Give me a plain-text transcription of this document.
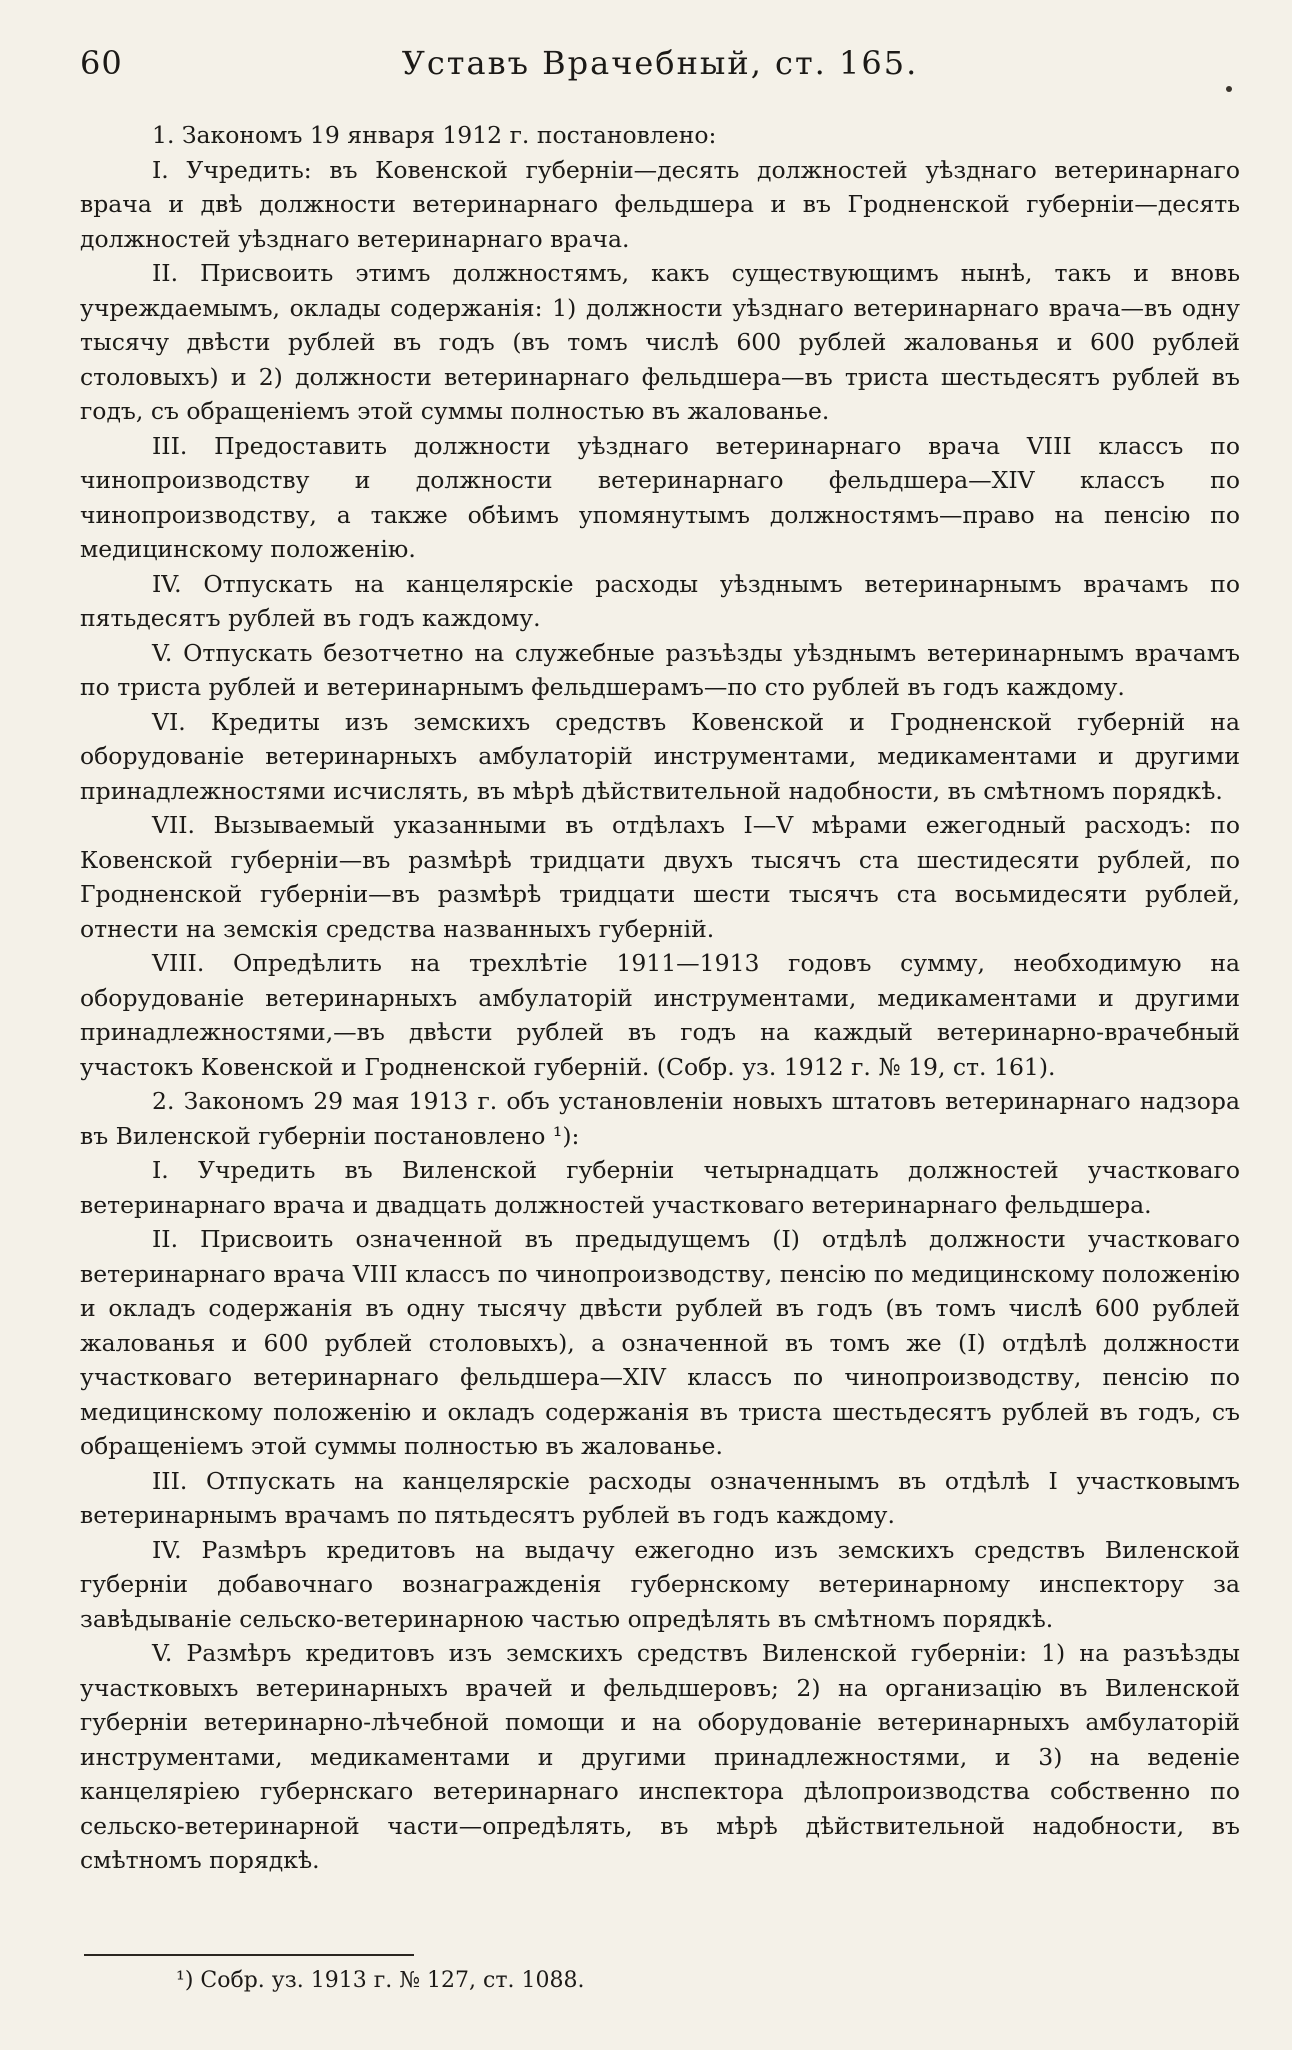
60	Уставъ Врачебный, ст. 165.

1. Закономъ 19 января 1912 г. постановлено:

I. Учредить: въ Ковенской губерніи—десять должностей уѣзднаго ветеринарнаго врача и двѣ должности ветеринарнаго фельдшера и въ Гродненской губерніи—десять должностей уѣзднаго ветеринарнаго врача.

II. Присвоить этимъ должностямъ, какъ существующимъ нынѣ, такъ и вновь учреждаемымъ, оклады содержанія: 1) должности уѣзднаго ветеринарнаго врача—въ одну тысячу двѣсти рублей въ годъ (въ томъ числѣ 600 рублей жалованья и 600 рублей столовыхъ) и 2) должности ветеринарнаго фельдшера—въ триста шестьдесятъ рублей въ годъ, съ обращеніемъ этой суммы полностью въ жалованье.

III. Предоставить должности уѣзднаго ветеринарнаго врача VIII классъ по чинопроизводству и должности ветеринарнаго фельдшера—XIV классъ по чинопроизводству, а также обѣимъ упомянутымъ должностямъ—право на пенсію по медицинскому положенію.

IV. Отпускать на канцелярскіе расходы уѣзднымъ ветеринарнымъ врачамъ по пятьдесятъ рублей въ годъ каждому.

V. Отпускать безотчетно на служебные разъѣзды уѣзднымъ ветеринарнымъ врачамъ по триста рублей и ветеринарнымъ фельдшерамъ—по сто рублей въ годъ каждому.

VI. Кредиты изъ земскихъ средствъ Ковенской и Гродненской губерній на оборудованіе ветеринарныхъ амбулаторій инструментами, медикаментами и другими принадлежностями исчислять, въ мѣрѣ дѣйствительной надобности, въ смѣтномъ порядкѣ.

VII. Вызываемый указанными въ отдѣлахъ I—V мѣрами ежегодный расходъ: по Ковенской губерніи—въ размѣрѣ тридцати двухъ тысячъ ста шестидесяти рублей, по Гродненской губерніи—въ размѣрѣ тридцати шести тысячъ ста восьмидесяти рублей, отнести на земскія средства названныхъ губерній.

VIII. Опредѣлить на трехлѣтіе 1911—1913 годовъ сумму, необходимую на оборудованіе ветеринарныхъ амбулаторій инструментами, медикаментами и другими принадлежностями,—въ двѣсти рублей въ годъ на каждый ветеринарно-врачебный участокъ Ковенской и Гродненской губерній. (Собр. уз. 1912 г. № 19, ст. 161).

2. Закономъ 29 мая 1913 г. объ установленіи новыхъ штатовъ ветеринарнаго надзора въ Виленской губерніи постановлено ¹):

I. Учредить въ Виленской губерніи четырнадцать должностей участковаго ветеринарнаго врача и двадцать должностей участковаго ветеринарнаго фельдшера.

II. Присвоить означенной въ предыдущемъ (I) отдѣлѣ должности участковаго ветеринарнаго врача VIII классъ по чинопроизводству, пенсію по медицинскому положенію и окладъ содержанія въ одну тысячу двѣсти рублей въ годъ (въ томъ числѣ 600 рублей жалованья и 600 рублей столовыхъ), а означенной въ томъ же (I) отдѣлѣ должности участковаго ветеринарнаго фельдшера—XIV классъ по чинопроизводству, пенсію по медицинскому положенію и окладъ содержанія въ триста шестьдесятъ рублей въ годъ, съ обращеніемъ этой суммы полностью въ жалованье.

III. Отпускать на канцелярскіе расходы означеннымъ въ отдѣлѣ I участковымъ ветеринарнымъ врачамъ по пятьдесятъ рублей въ годъ каждому.

IV. Размѣръ кредитовъ на выдачу ежегодно изъ земскихъ средствъ Виленской губерніи добавочнаго вознагражденія губернскому ветеринарному инспектору за завѣдываніе сельско-ветеринарною частью опредѣлять въ смѣтномъ порядкѣ.

V. Размѣръ кредитовъ изъ земскихъ средствъ Виленской губерніи: 1) на разъѣзды участковыхъ ветеринарныхъ врачей и фельдшеровъ; 2) на организацію въ Виленской губерніи ветеринарно-лѣчебной помощи и на оборудованіе ветеринарныхъ амбулаторій инструментами, медикаментами и другими принадлежностями, и 3) на веденіе канцеляріею губернскаго ветеринарнаго инспектора дѣлопроизводства собственно по сельско-ветеринарной части—опредѣлять, въ мѣрѣ дѣйствительной надобности, въ смѣтномъ порядкѣ.

¹) Собр. уз. 1913 г. № 127, ст. 1088.
